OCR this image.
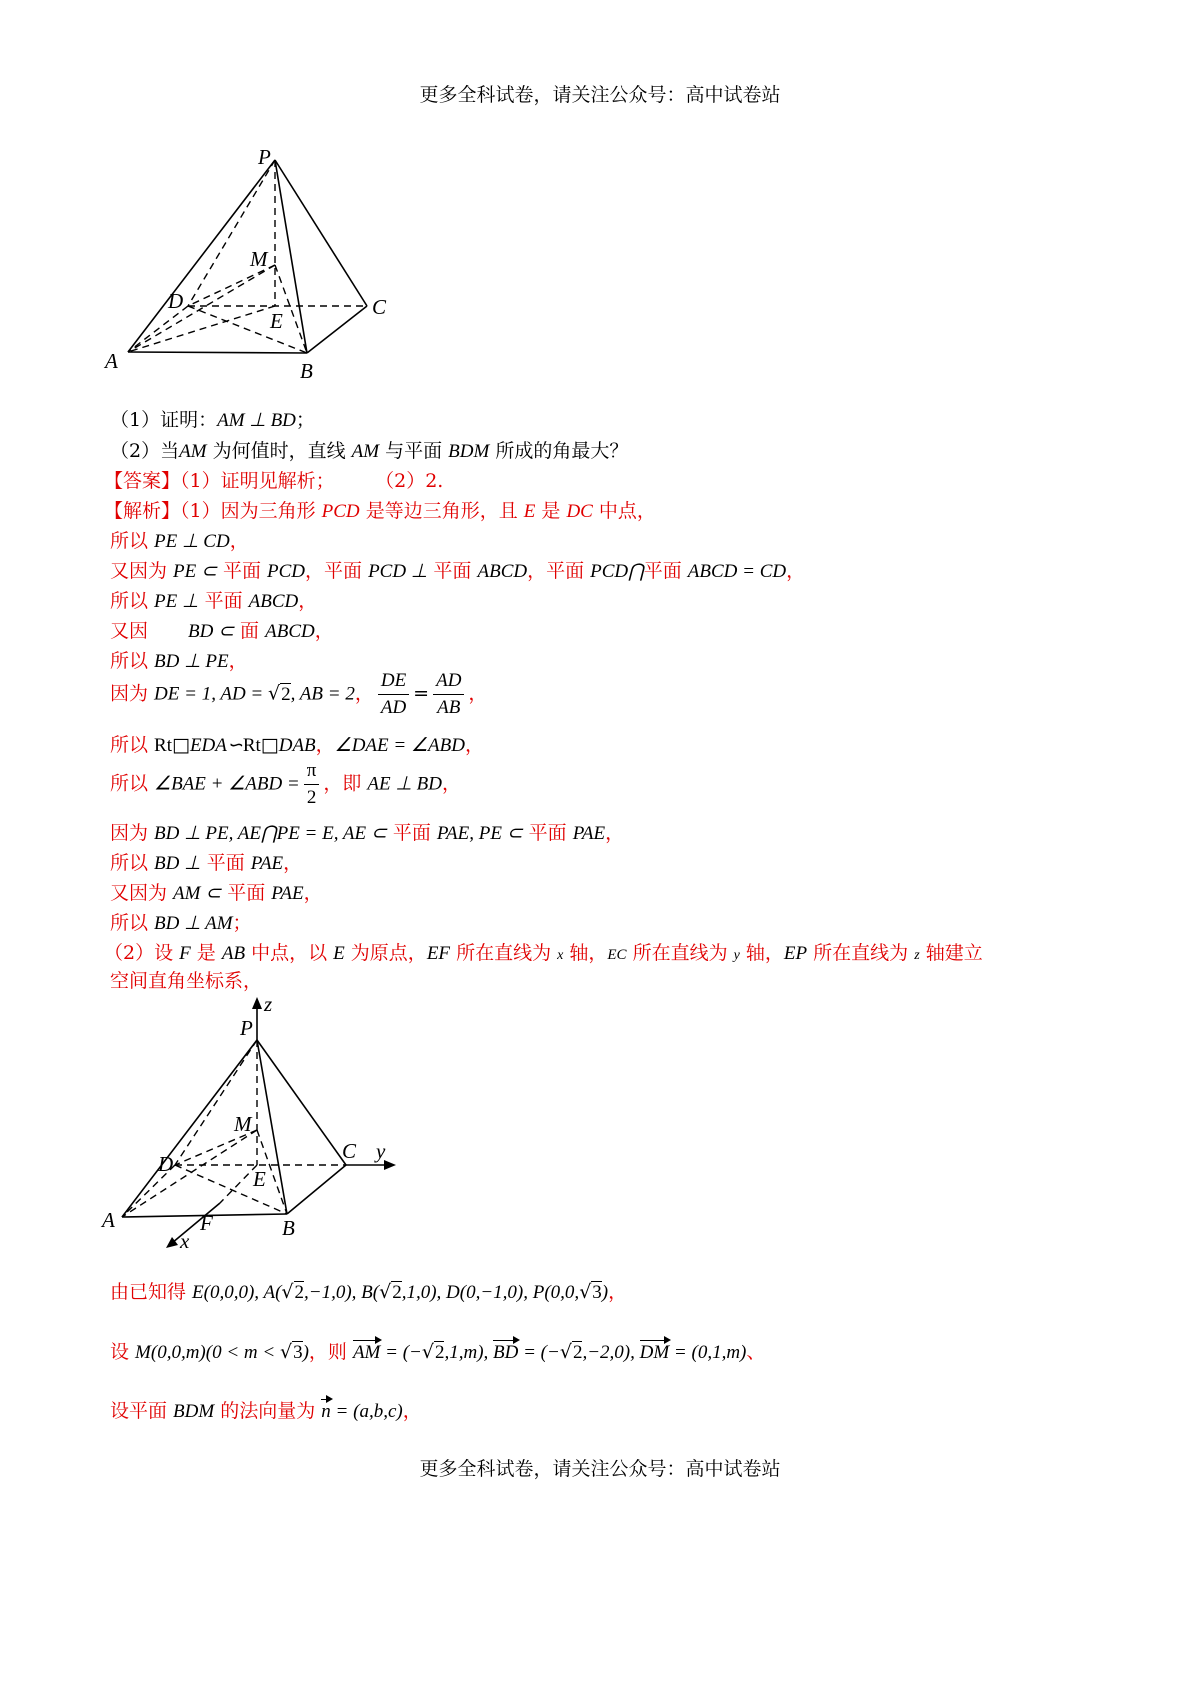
更多全科试卷，请关注公众号：高中试卷站
P
M
D
E
C
A	B
（1）证明：AM ⊥ BD；
（2）当AM 为何值时，直线 AM 与平面 BDM 所成的角最大？
【答案】（1）证明见解析；	（2）2.
【解析】（1）因为三角形 PCD 是等边三角形，且 E 是 DC 中点，
所以 PE ⊥ CD，
又因为 PE ⊂ 平面 PCD，平面 PCD ⊥ 平面 ABCD，平面 PCD⋂平面 ABCD = CD，
所以 PE ⊥ 平面 ABCD，
又因 BD ⊂ 面 ABCD，
所以 BD ⊥ PE，
因为 DE = 1, AD = √2, AB = 2， $\frac{DE}{AD} = \frac{AD}{AB}$ ，
所以 Rt□EDA∽Rt□DAB，∠DAE = ∠ABD，
所以 ∠BAE + ∠ABD = $\frac{\pi}{2}$ ，即 AE ⊥ BD，
因为 BD ⊥ PE, AE⋂PE = E, AE ⊂ 平面 PAE, PE ⊂ 平面 PAE，
所以 BD ⊥ 平面 PAE，
又因为 AM ⊂ 平面 PAE，
所以 BD ⊥ AM；
（2）设 F 是 AB 中点，以 E 为原点，EF 所在直线为 x 轴，EC 所在直线为 y 轴，EP 所在直线为 z 轴建立
空间直角坐标系，
z
P
M
D
E
C y
A	F	B
x
由已知得 E(0,0,0), A(√2,−1,0), B(√2,1,0), D(0,−1,0), P(0,0,√3)，
设 M(0,0,m)(0 < m < √3)，则 AM = (−√2,1,m), BD = (−√2,−2,0), DM = (0,1,m)、
设平面 BDM 的法向量为 n = (a,b,c)，
更多全科试卷，请关注公众号：高中试卷站
